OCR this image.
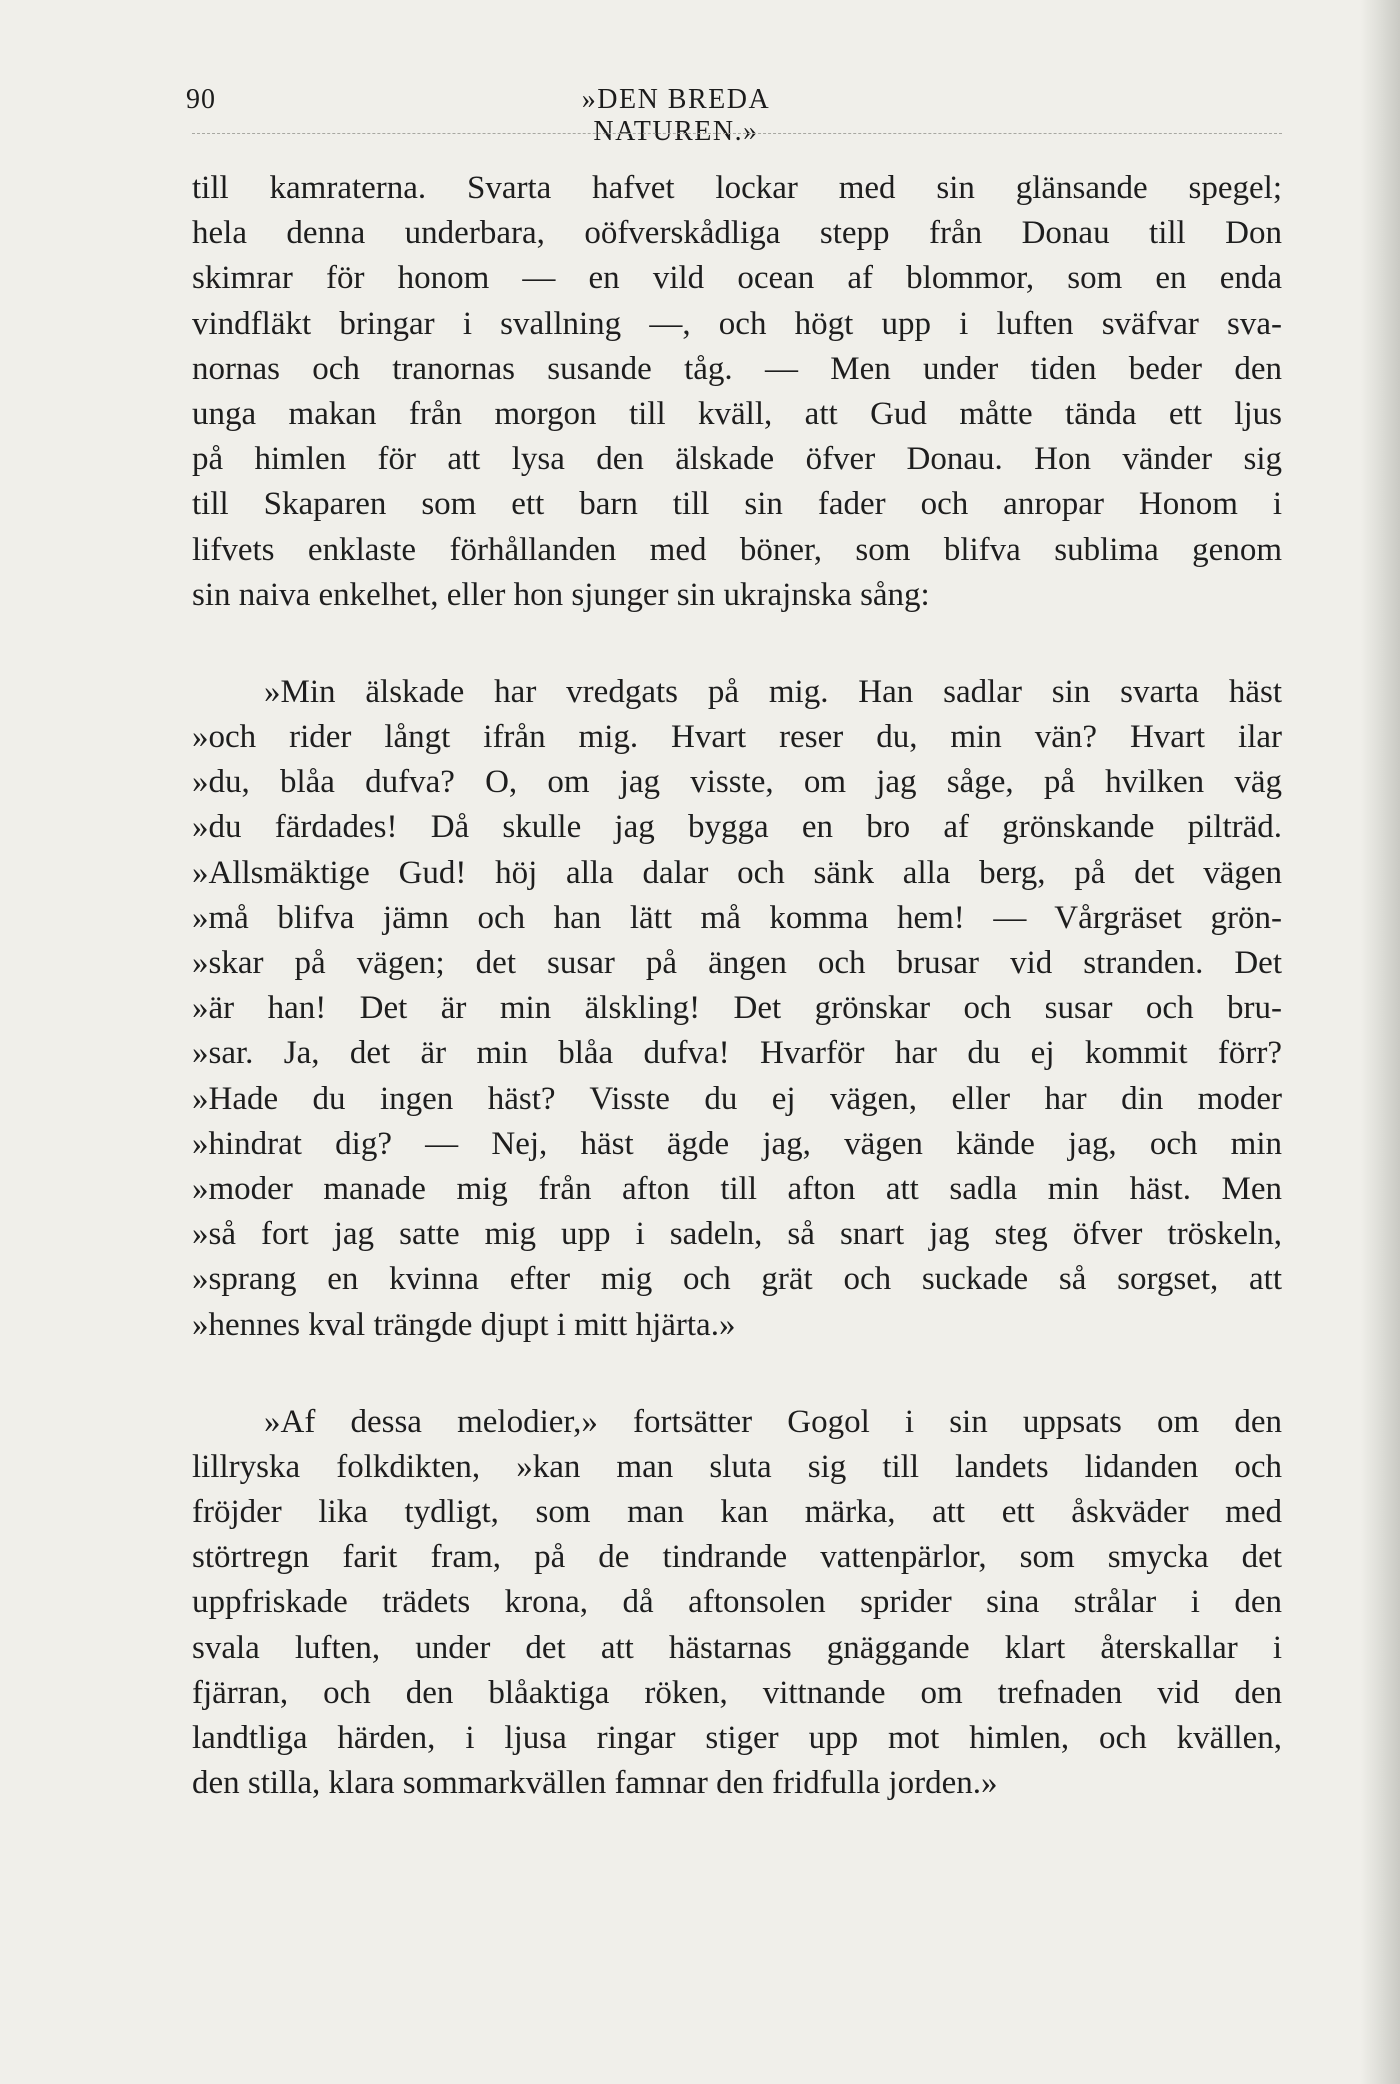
90	»DEN BREDA NATUREN.»
till kamraterna. Svarta hafvet lockar med sin glänsande spegel;
hela denna underbara, oöfverskådliga stepp från Donau till Don
skimrar för honom — en vild ocean af blommor, som en enda
vindfläkt bringar i svallning —, och högt upp i luften sväfvar sva-
nornas och tranornas susande tåg. — Men under tiden beder den
unga makan från morgon till kväll, att Gud måtte tända ett ljus
på himlen för att lysa den älskade öfver Donau. Hon vänder sig
till Skaparen som ett barn till sin fader och anropar Honom i
lifvets enklaste förhållanden med böner, som blifva sublima genom
sin naiva enkelhet, eller hon sjunger sin ukrajnska sång:
»Min älskade har vredgats på mig. Han sadlar sin svarta häst
»och rider långt ifrån mig. Hvart reser du, min vän? Hvart ilar
»du, blåa dufva? O, om jag visste, om jag såge, på hvilken väg
»du färdades! Då skulle jag bygga en bro af grönskande pilträd.
»Allsmäktige Gud! höj alla dalar och sänk alla berg, på det vägen
»må blifva jämn och han lätt må komma hem! — Vårgräset grön-
»skar på vägen; det susar på ängen och brusar vid stranden. Det
»är han! Det är min älskling! Det grönskar och susar och bru-
»sar. Ja, det är min blåa dufva! Hvarför har du ej kommit förr?
»Hade du ingen häst? Visste du ej vägen, eller har din moder
»hindrat dig? — Nej, häst ägde jag, vägen kände jag, och min
»moder manade mig från afton till afton att sadla min häst. Men
»så fort jag satte mig upp i sadeln, så snart jag steg öfver tröskeln,
»sprang en kvinna efter mig och grät och suckade så sorgset, att
»hennes kval trängde djupt i mitt hjärta.»
»Af dessa melodier,» fortsätter Gogol i sin uppsats om den
lillryska folkdikten, »kan man sluta sig till landets lidanden och
fröjder lika tydligt, som man kan märka, att ett åskväder med
störtregn farit fram, på de tindrande vattenpärlor, som smycka det
uppfriskade trädets krona, då aftonsolen sprider sina strålar i den
svala luften, under det att hästarnas gnäggande klart återskallar i
fjärran, och den blåaktiga röken, vittnande om trefnaden vid den
landtliga härden, i ljusa ringar stiger upp mot himlen, och kvällen,
den stilla, klara sommarkvällen famnar den fridfulla jorden.»
